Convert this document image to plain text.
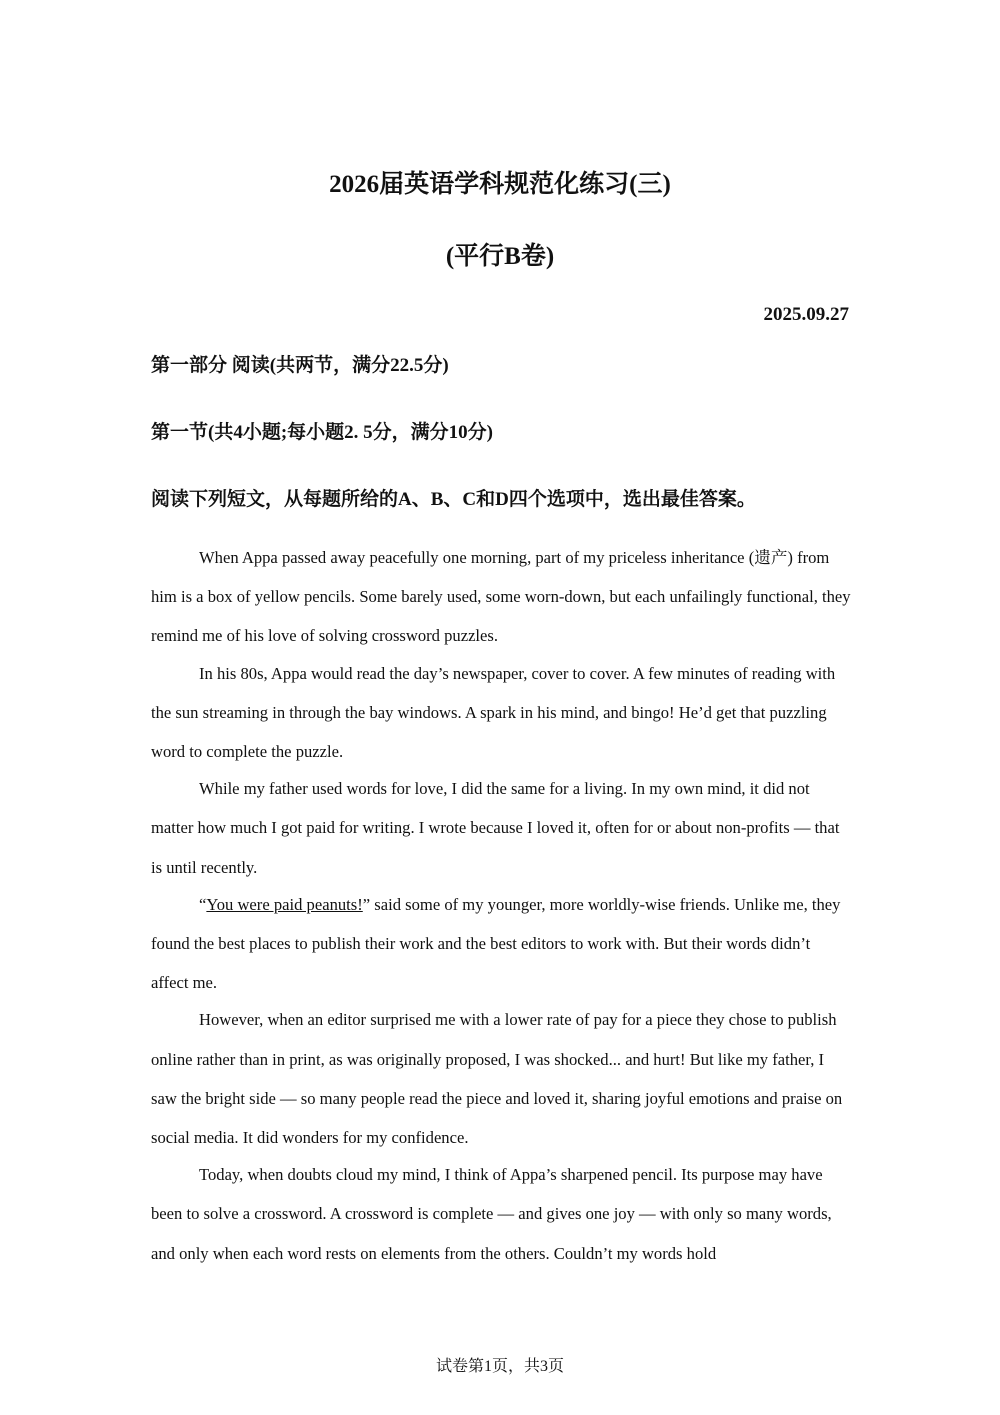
2026届英语学科规范化练习(三)
(平行B卷)
2025.09.27
第一部分 阅读(共两节，满分22.5分)
第一节(共4小题;每小题2. 5分，满分10分)
阅读下列短文，从每题所给的A、B、C和D四个选项中，选出最佳答案。

When Appa passed away peacefully one morning, part of my priceless inheritance (遗产) from him is a box of yellow pencils. Some barely used, some worn-down, but each unfailingly functional, they remind me of his love of solving crossword puzzles.

In his 80s, Appa would read the day’s newspaper, cover to cover. A few minutes of reading with the sun streaming in through the bay windows. A spark in his mind, and bingo! He’d get that puzzling word to complete the puzzle.

While my father used words for love, I did the same for a living. In my own mind, it did not matter how much I got paid for writing. I wrote because I loved it, often for or about non-profits — that is until recently.

“You were paid peanuts!” said some of my younger, more worldly-wise friends. Unlike me, they found the best places to publish their work and the best editors to work with. But their words didn’t affect me.

However, when an editor surprised me with a lower rate of pay for a piece they chose to publish online rather than in print, as was originally proposed, I was shocked... and hurt! But like my father, I saw the bright side — so many people read the piece and loved it, sharing joyful emotions and praise on social media. It did wonders for my confidence.

Today, when doubts cloud my mind, I think of Appa’s sharpened pencil. Its purpose may have been to solve a crossword. A crossword is complete — and gives one joy — with only so many words, and only when each word rests on elements from the others. Couldn’t my words hold

试卷第1页，共3页
